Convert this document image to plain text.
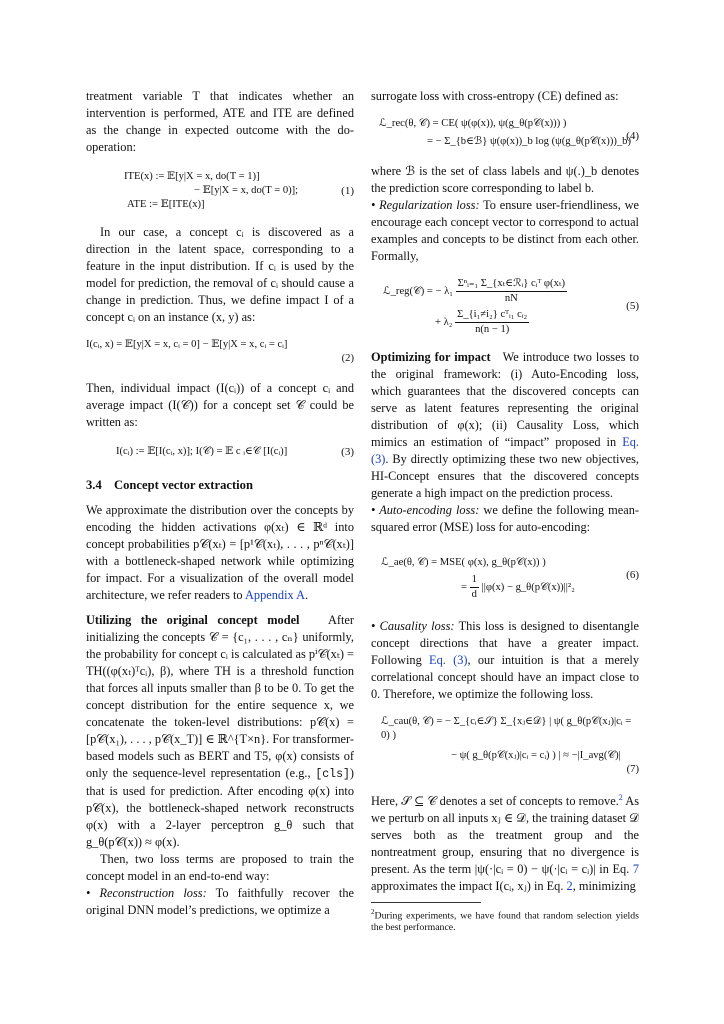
treatment variable T that indicates whether an intervention is performed, ATE and ITE are defined as the change in expected outcome with the do-operation:

ITE(x) := 𝔼[y|X = x, do(T = 1)]
− 𝔼[y|X = x, do(T = 0)];
ATE := 𝔼[ITE(x)]
(1)

In our case, a concept cᵢ is discovered as a direction in the latent space, corresponding to a feature in the input distribution. If cᵢ is used by the model for prediction, the removal of cᵢ should cause a change in prediction. Thus, we define impact I of a concept cᵢ on an instance (x, y) as:

I(cᵢ, x) = 𝔼[y|X = x, cᵢ = 0] − 𝔼[y|X = x, cᵢ = cᵢ]
(2)

Then, individual impact (I(cᵢ)) of a concept cᵢ and average impact (I(𝒞)) for a concept set 𝒞 could be written as:

I(cᵢ) := 𝔼[I(cᵢ, x)]; I(𝒞) = 𝔼 c ᵢ∈𝒞 [I(cᵢ)]	(3)
3.4 Concept vector extraction

We approximate the distribution over the concepts by encoding the hidden activations φ(xₜ) ∈ ℝᵈ into concept probabilities p𝒞(xₜ) = [p¹𝒞(xₜ), . . . , pⁿ𝒞(xₜ)] with a bottleneck-shaped network while optimizing for impact. For a visualization of the overall model architecture, we refer readers to Appendix A.

Utilizing the original concept model After initializing the concepts 𝒞 = {c₁, . . . , cₙ} uniformly, the probability for concept cᵢ is calculated as pⁱ𝒞(xₜ) = TH((φ(xₜ)ᵀcᵢ), β), where TH is a threshold function that forces all inputs smaller than β to be 0. To get the concept distribution for the entire sequence x, we concatenate the token-level distributions: p𝒞(x) = [p𝒞(x₁), . . . , p𝒞(x_T)] ∈ ℝ^{T×n}. For transformer-based models such as BERT and T5, φ(x) consists of only the sequence-level representation (e.g., [cls]) that is used for prediction. After encoding φ(x) into p𝒞(x), the bottleneck-shaped network reconstructs φ(x) with a 2-layer perceptron g_θ such that g_θ(p𝒞(x)) ≈ φ(x).

Then, two loss terms are proposed to train the concept model in an end-to-end way:

• Reconstruction loss: To faithfully recover the original DNN model’s predictions, we optimize a

surrogate loss with cross-entropy (CE) defined as:

ℒ_rec(θ, 𝒞) = CE( ψ(φ(x)), ψ(g_θ(p𝒞(x))) )
= − Σ_{b∈ℬ} ψ(φ(x))_b log (ψ(g_θ(p𝒞(x)))_b)
(4)

where ℬ is the set of class labels and ψ(.)_b denotes the prediction score corresponding to label b.

• Regularization loss: To ensure user-friendliness, we encourage each concept vector to correspond to actual examples and concepts to be distinct from each other. Formally,

ℒ_reg(𝒞) = − $\lambda_1 \frac{\text{Σⁿᵢ₌₁ Σ\_\{xₜ∈ℛᵢ\} cᵢᵀ φ(xₜ)}}{nN}$
+ $\lambda_2 \frac{\text{Σ\_\{i₁≠i₂\} cᵀᵢ₁ cᵢ₂}}{n(n - 1)}$
(5)

Optimizing for impact We introduce two losses to the original framework: (i) Auto-Encoding loss, which guarantees that the discovered concepts can serve as latent features representing the original distribution of φ(x); (ii) Causality Loss, which mimics an estimation of “impact” proposed in Eq. (3). By directly optimizing these two new objectives, HI-Concept ensures that the discovered concepts generate a high impact on the prediction process.

• Auto-encoding loss: we define the following mean-squared error (MSE) loss for auto-encoding:

ℒ_ae(θ, 𝒞) = MSE( φ(x), g_θ(p𝒞(x)) )
= $\frac{1}{d} ||\varphi(x)$ − g_θ(p𝒞(x))||²₂
(6)

• Causality loss: This loss is designed to disentangle concept directions that have a greater impact. Following Eq. (3), our intuition is that a merely correlational concept should have an impact close to 0. Therefore, we optimize the following loss.

ℒ_cau(θ, 𝒞) = − Σ_{cᵢ∈𝒮} Σ_{xⱼ∈𝒟} | ψ( g_θ(p𝒞(xⱼ)|cᵢ = 0) )
− ψ( g_θ(p𝒞(xⱼ)|cᵢ = cᵢ) ) | ≈ −|I_avg(𝒞)|
(7)

Here, 𝒮 ⊆ 𝒞 denotes a set of concepts to remove.$^2$ As we perturb on all inputs xⱼ ∈ 𝒟, the training dataset 𝒟 serves both as the treatment group and the nontreatment group, ensuring that no divergence is present. As the term |ψ(·|cᵢ = 0) − ψ(·|cᵢ = cᵢ)| in Eq. 7 approximates the impact I(cᵢ, xⱼ) in Eq. 2, minimizing

$^2$During experiments, we have found that random selection yields the best performance.
